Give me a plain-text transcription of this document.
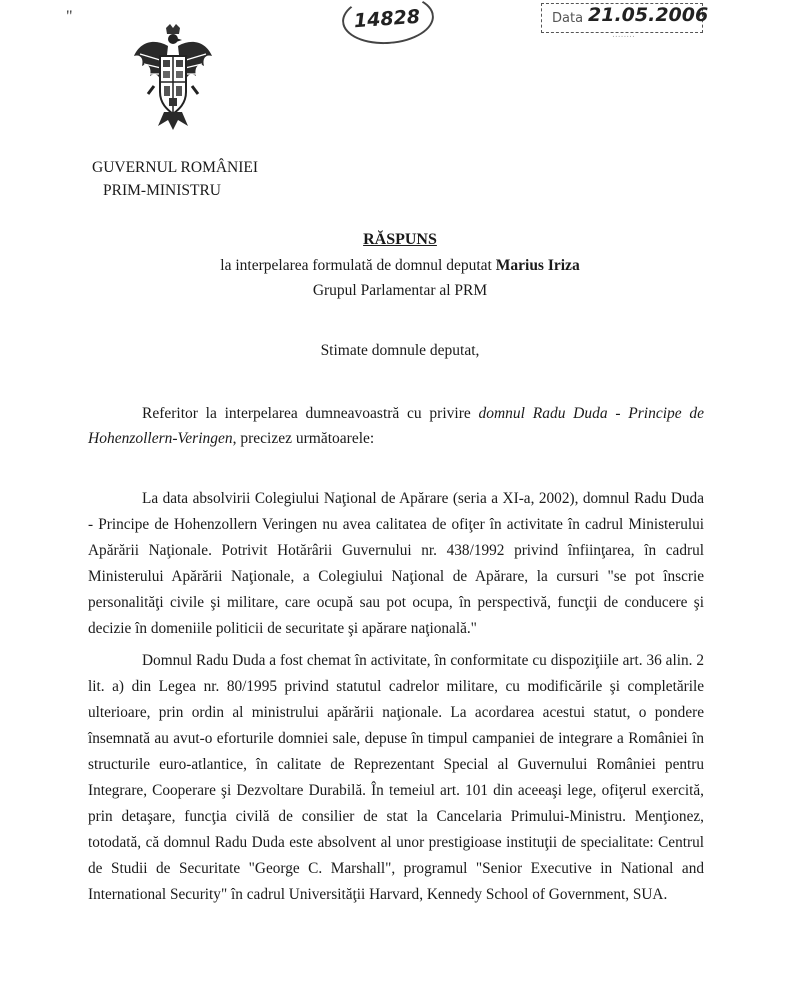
"	14828	Data 21.05.2006
........
GUVERNUL ROMÂNIEI
PRIM-MINISTRU
RĂSPUNS
la interpelarea formulată de domnul deputat Marius Iriza
Grupul Parlamentar al PRM
Stimate domnule deputat,
Referitor la interpelarea dumneavoastră cu privire domnul Radu Duda - Principe de Hohenzollern-Veringen, precizez următoarele:

La data absolvirii Colegiului Naţional de Apărare (seria a XI-a, 2002), domnul Radu Duda - Principe de Hohenzollern Veringen nu avea calitatea de ofiţer în activitate în cadrul Ministerului Apărării Naţionale. Potrivit Hotărârii Guvernului nr. 438/1992 privind înfiinţarea, în cadrul Ministerului Apărării Naţionale, a Colegiului Naţional de Apărare, la cursuri "se pot înscrie personalităţi civile şi militare, care ocupă sau pot ocupa, în perspectivă, funcţii de conducere şi decizie în domeniile politicii de securitate şi apărare naţională."

Domnul Radu Duda a fost chemat în activitate, în conformitate cu dispoziţiile art. 36 alin. 2 lit. a) din Legea nr. 80/1995 privind statutul cadrelor militare, cu modificările şi completările ulterioare, prin ordin al ministrului apărării naţionale. La acordarea acestui statut, o pondere însemnată au avut-o eforturile domniei sale, depuse în timpul campaniei de integrare a României în structurile euro-atlantice, în calitate de Reprezentant Special al Guvernului României pentru Integrare, Cooperare şi Dezvoltare Durabilă. În temeiul art. 101 din aceeaşi lege, ofiţerul exercită, prin detaşare, funcţia civilă de consilier de stat la Cancelaria Primului-Ministru. Menţionez, totodată, că domnul Radu Duda este absolvent al unor prestigioase instituţii de specialitate: Centrul de Studii de Securitate "George C. Marshall", programul "Senior Executive in National and International Security" în cadrul Universităţii Harvard, Kennedy School of Government, SUA.
